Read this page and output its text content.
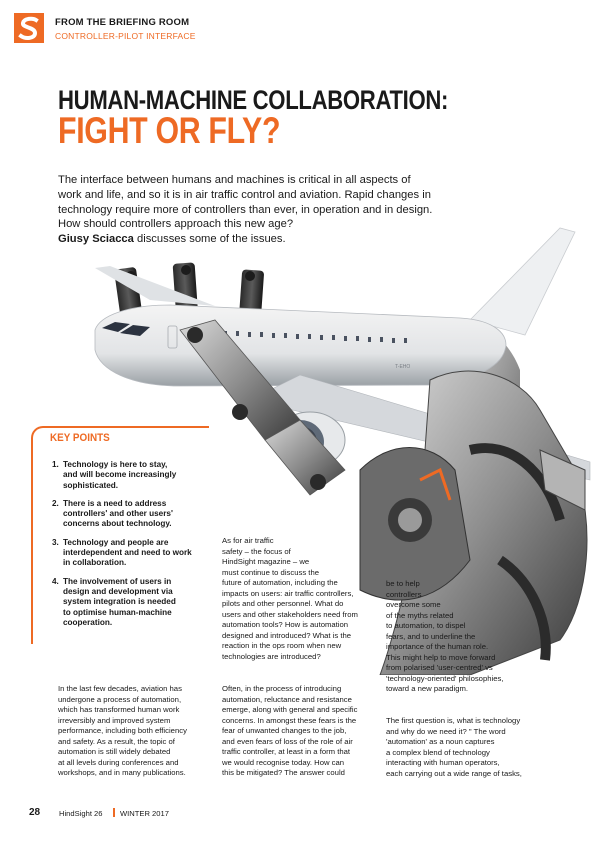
FROM THE BRIEFING ROOM
CONTROLLER-PILOT INTERFACE
HUMAN-MACHINE COLLABORATION:
FIGHT OR FLY?

The interface between humans and machines is critical in all aspects of

work and life, and so it is in air traffic control and aviation. Rapid changes in

technology require more of controllers than ever, in operation and in design.

How should controllers approach this new age?

Giusy Sciacca discusses some of the issues.

T-EHO
KEY POINTS
1. Technology is here to stay,
and will become increasingly
sophisticated.
2. There is a need to address
controllers' and other users'
concerns about technology.
3. Technology and people are
interdependent and need to work
in collaboration.
4. The involvement of users in
design and development via
system integration is needed
to optimise human-machine
cooperation.

In the last few decades, aviation has

undergone a process of automation,

which has transformed human work

irreversibly and improved system

performance, including both efficiency

and safety. As a result, the topic of

automation is still widely debated

at all levels during conferences and

workshops, and in many publications.

As for air traffic

safety – the focus of

HindSight magazine – we

must continue to discuss the

future of automation, including the

impacts on users: air traffic controllers,

pilots and other personnel. What do

users and other stakeholders need from

automation tools? How is automation

designed and introduced? What is the

reaction in the ops room when new

technologies are introduced?

Often, in the process of introducing

automation, reluctance and resistance

emerge, along with general and specific

concerns. In amongst these fears is the

fear of unwanted changes to the job,

and even fears of loss of the role of air

traffic controller, at least in a form that

we would recognise today. How can

this be mitigated? The answer could

be to help

controllers

overcome some

of the myths related

to automation, to dispel

fears, and to underline the

importance of the human role.

This might help to move forward

from polarised 'user-centred' vs

'technology-oriented' philosophies,

toward a new paradigm.

The first question is, what is technology

and why do we need it? " The word

'automation' as a noun captures

a complex blend of technology

interacting with human operators,

each carrying out a wide range of tasks,

28 HindSight 26 WINTER 2017
